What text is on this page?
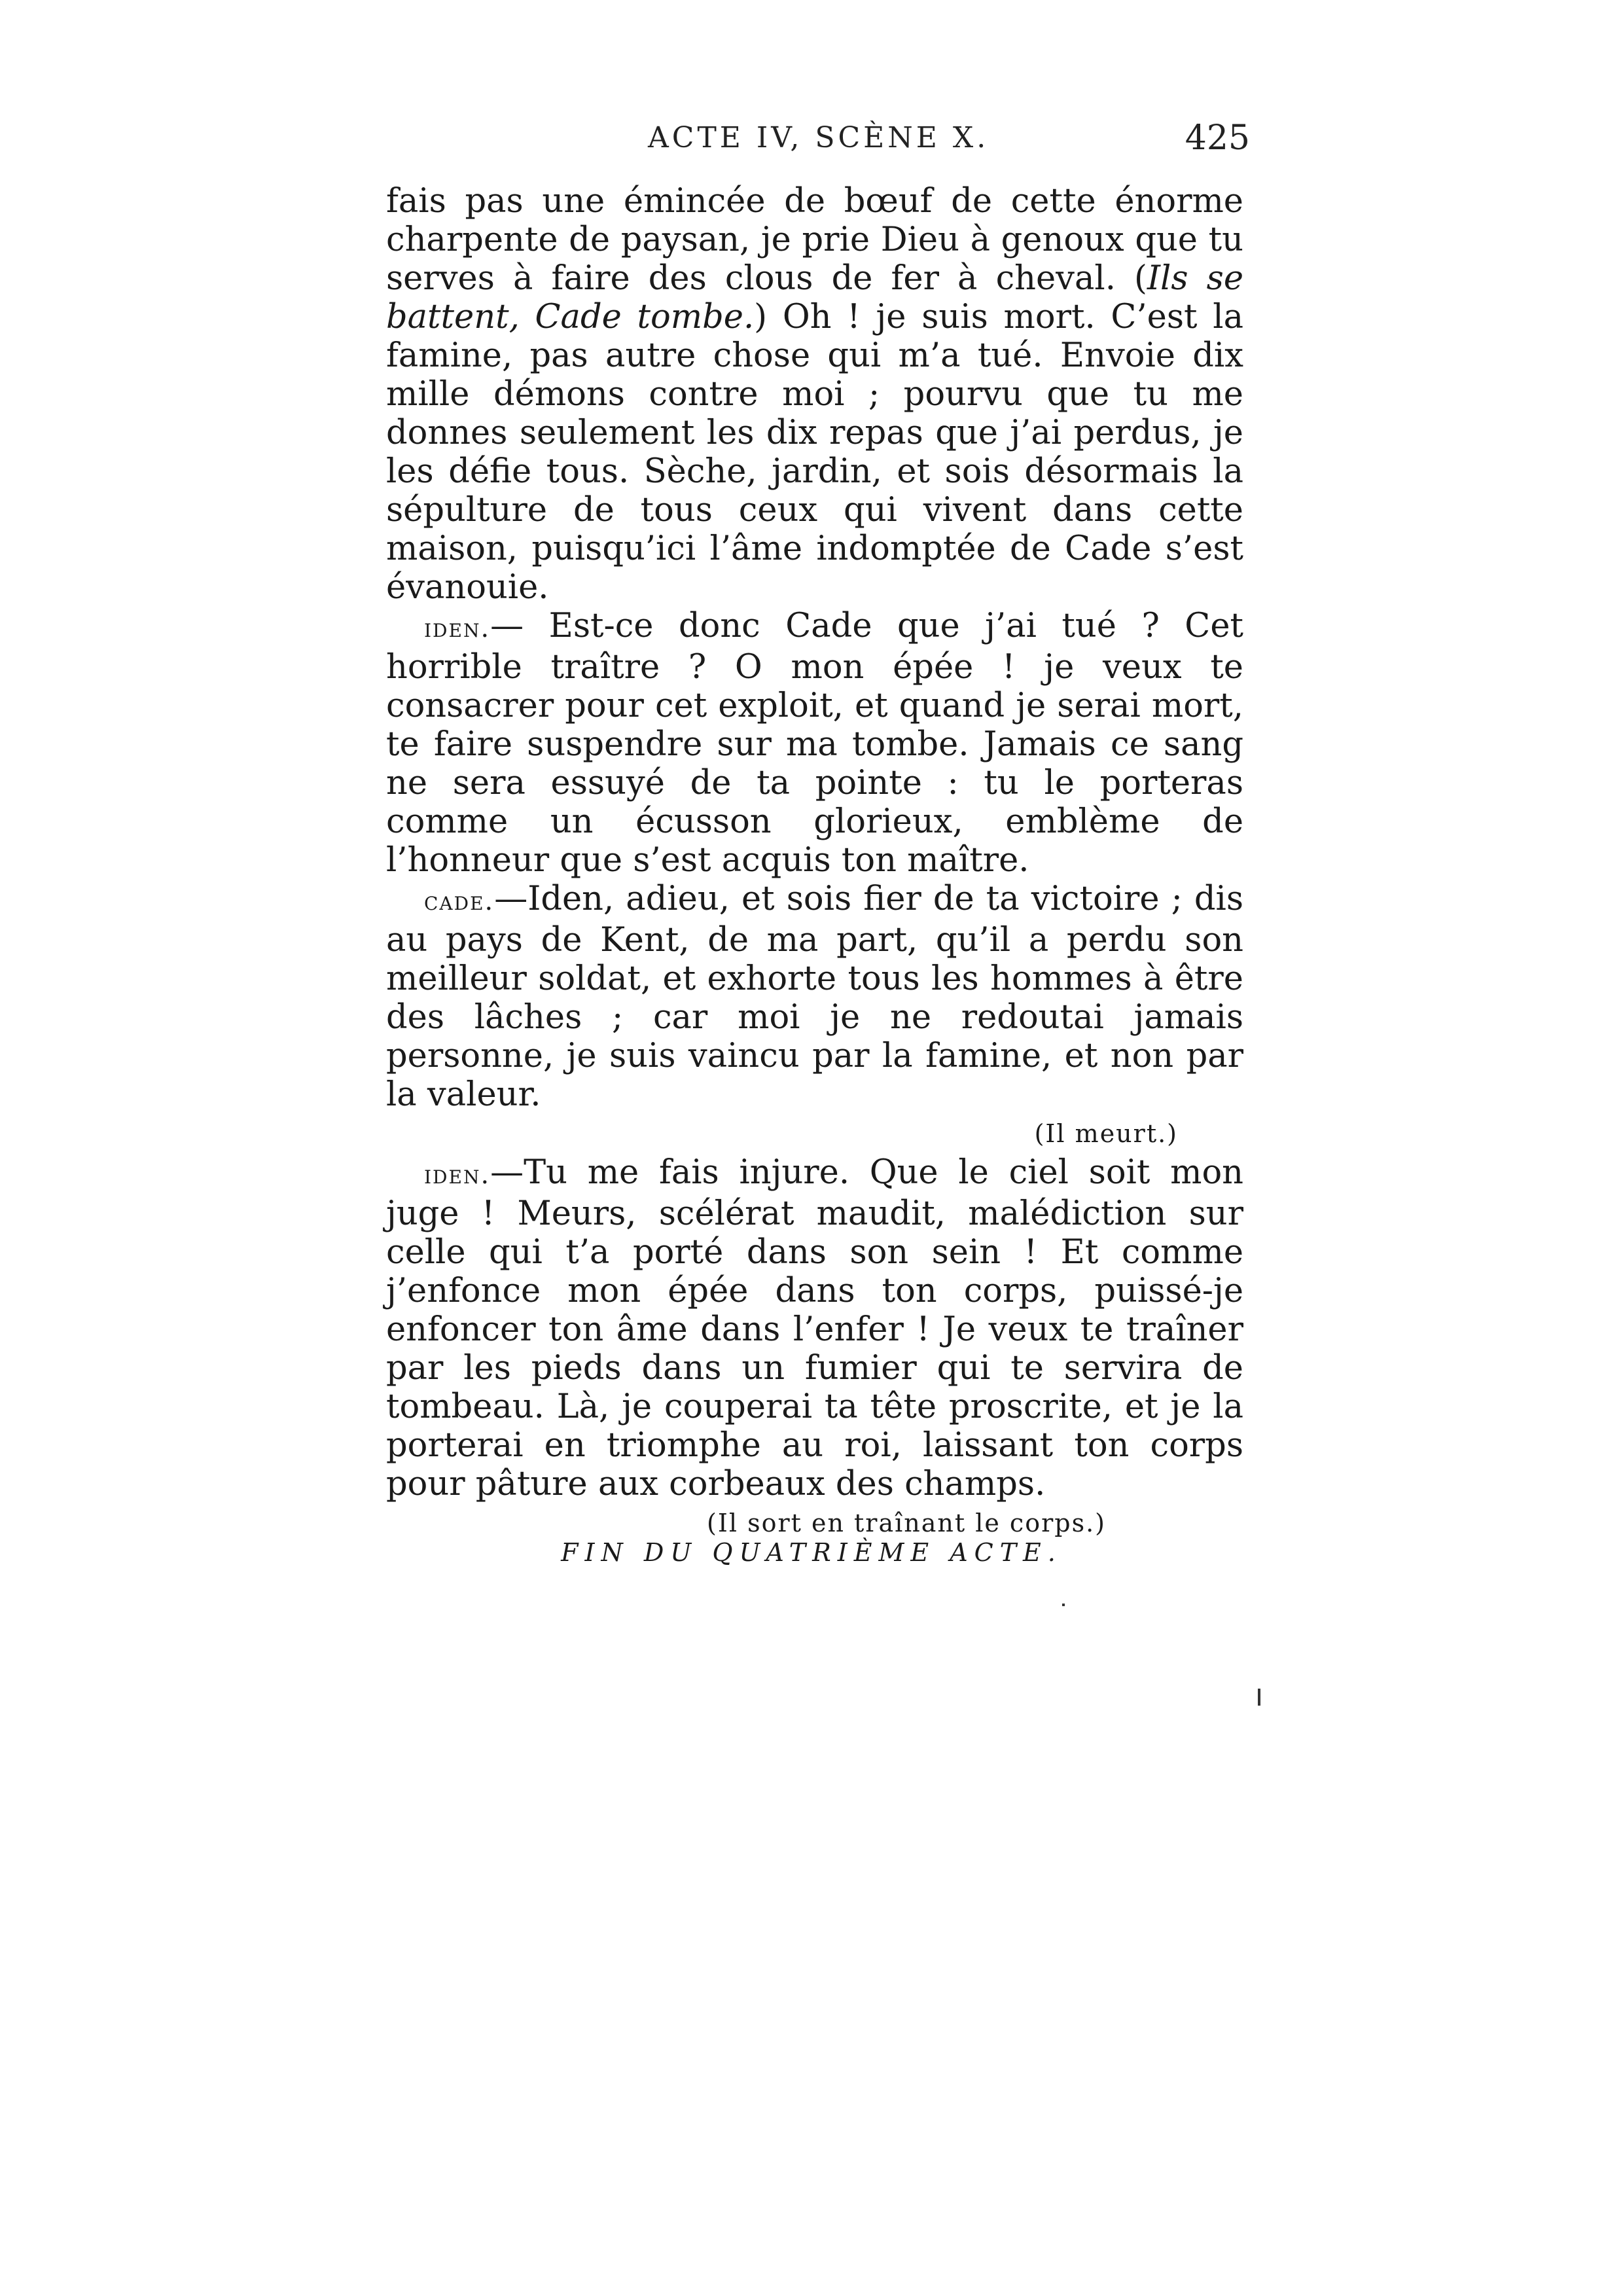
ACTE IV, SCÈNE X.	425

fais pas une émincée de bœuf de cette énorme charpente de paysan, je prie Dieu à genoux que tu serves à faire des clous de fer à cheval. (Ils se battent, Cade tombe.) Oh ! je suis mort. C’est la famine, pas autre chose qui m’a tué. Envoie dix mille démons contre moi ; pourvu que tu me donnes seulement les dix repas que j’ai perdus, je les défie tous. Sèche, jardin, et sois désormais la sépulture de tous ceux qui vivent dans cette maison, puisqu’ici l’âme indomptée de Cade s’est évanouie.

iden.— Est-ce donc Cade que j’ai tué ? Cet horrible traître ? O mon épée ! je veux te consacrer pour cet exploit, et quand je serai mort, te faire suspendre sur ma tombe. Jamais ce sang ne sera essuyé de ta pointe : tu le porteras comme un écusson glorieux, emblème de l’honneur que s’est acquis ton maître.

cade.—Iden, adieu, et sois fier de ta victoire ; dis au pays de Kent, de ma part, qu’il a perdu son meilleur soldat, et exhorte tous les hommes à être des lâches ; car moi je ne redoutai jamais personne, je suis vaincu par la famine, et non par la valeur.

(Il meurt.)

iden.—Tu me fais injure. Que le ciel soit mon juge ! Meurs, scélérat maudit, malédiction sur celle qui t’a porté dans son sein ! Et comme j’enfonce mon épée dans ton corps, puissé-je enfoncer ton âme dans l’enfer ! Je veux te traîner par les pieds dans un fumier qui te servira de tombeau. Là, je couperai ta tête proscrite, et je la porterai en triomphe au roi, laissant ton corps pour pâture aux corbeaux des champs.

(Il sort en traînant le corps.)

FIN DU QUATRIÈME ACTE.
